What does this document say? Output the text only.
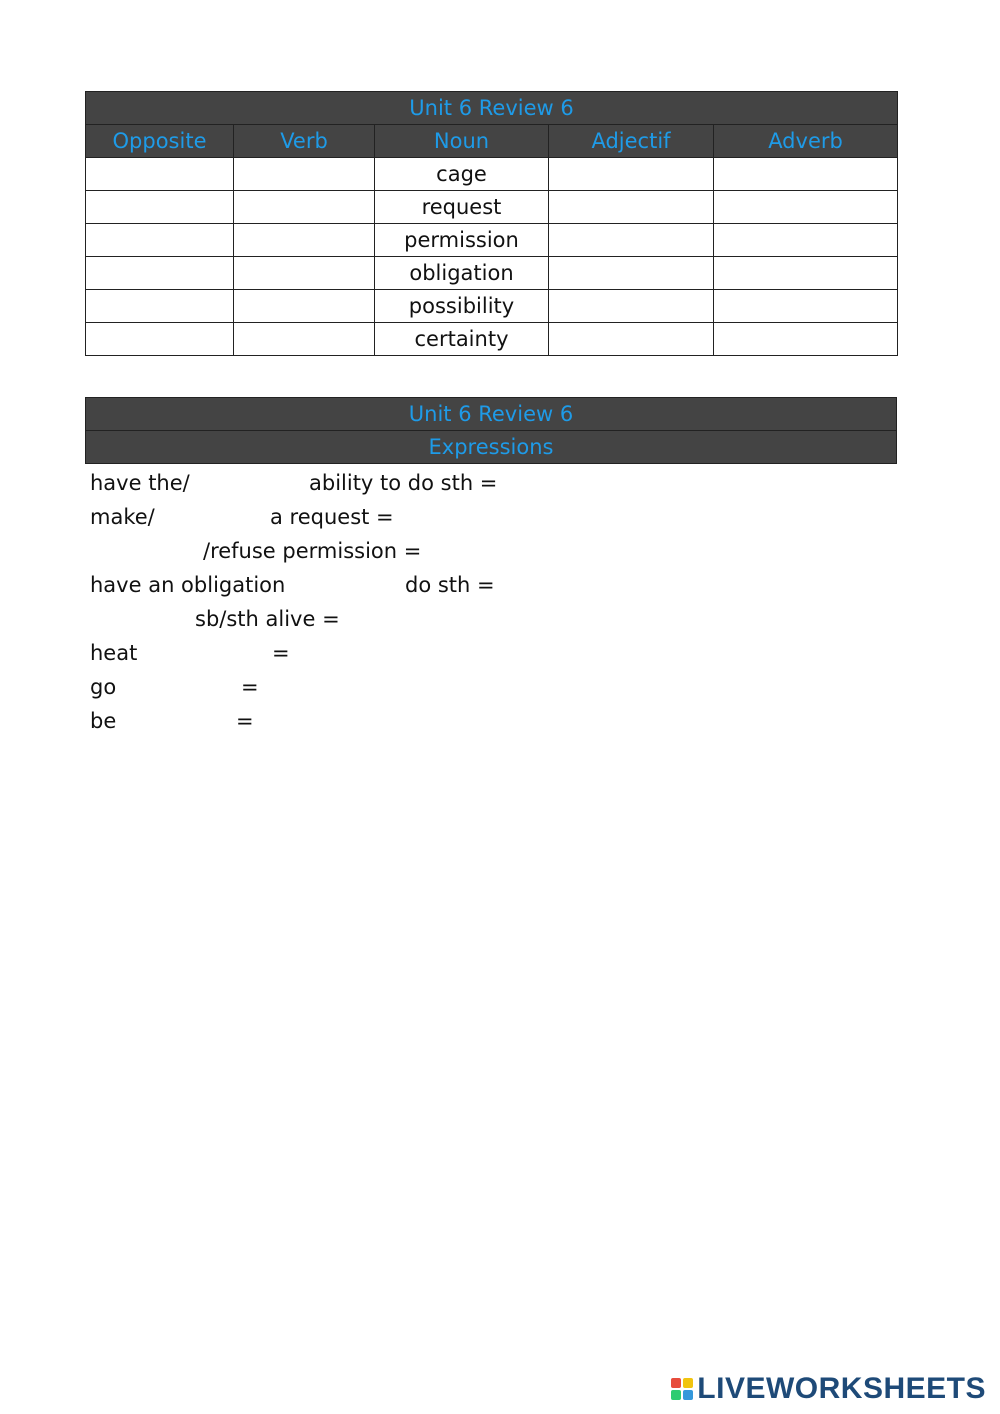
Unit 6 Review 6				
Opposite	Verb	Noun	Adjectif	Adverb
		cage		
		request		
		permission		
		obligation		
		possibility		
		certainty		
Unit 6 Review 6
Expressions
have the/	ability to do sth =
make/	a request =
/refuse permission =
have an obligation	do sth =
sb/sth alive =
heat	=
go	=
be	=
LIVEWORKSHEETS
